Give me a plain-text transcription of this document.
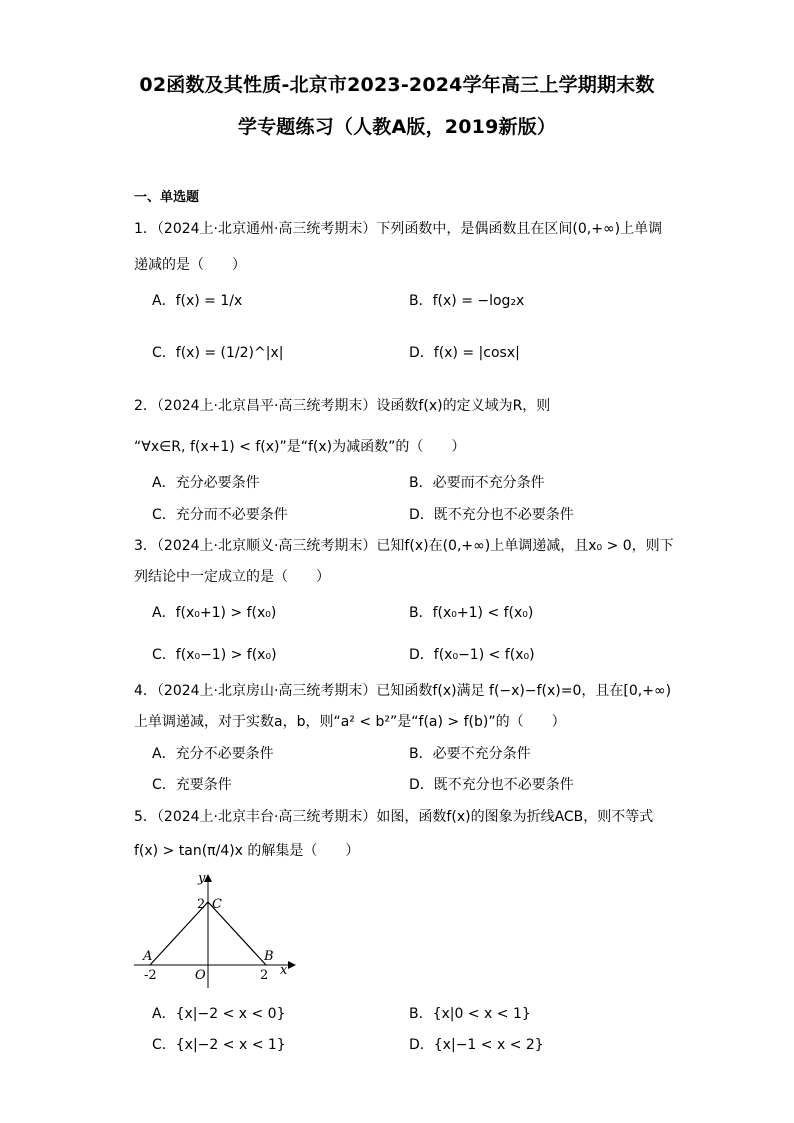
02函数及其性质-北京市2023-2024学年高三上学期期末数
学专题练习（人教A版，2019新版）
一、单选题
1．（2024上·北京通州·高三统考期末）下列函数中，是偶函数且在区间(0,+∞)上单调
递减的是（　　）
A．f(x) = 1/x	B．f(x) = −log₂x
C．f(x) = (1/2)^|x|	D．f(x) = |cosx|
2．（2024上·北京昌平·高三统考期末）设函数f(x)的定义域为R，则
“∀x∈R, f(x+1) < f(x)”是“f(x)为减函数”的（　　）
A．充分必要条件	B．必要而不充分条件
C．充分而不必要条件	D．既不充分也不必要条件
3．（2024上·北京顺义·高三统考期末）已知f(x)在(0,+∞)上单调递减，且x₀ > 0，则下
列结论中一定成立的是（　　）
A．f(x₀+1) > f(x₀)	B．f(x₀+1) < f(x₀)
C．f(x₀−1) > f(x₀)	D．f(x₀−1) < f(x₀)
4．（2024上·北京房山·高三统考期末）已知函数f(x)满足 f(−x)−f(x)=0，且在[0,+∞)
上单调递减，对于实数a，b，则“a² < b²”是“f(a) > f(b)”的（　　）
A．充分不必要条件	B．必要不充分条件
C．充要条件	D．既不充分也不必要条件
5．（2024上·北京丰台·高三统考期末）如图，函数f(x)的图象为折线ACB，则不等式
f(x) > tan(π/4)x 的解集是（　　）
y
x
2 C
A	B
-2	O	2
A．{x|−2 < x < 0}	B．{x|0 < x < 1}
C．{x|−2 < x < 1}	D．{x|−1 < x < 2}
